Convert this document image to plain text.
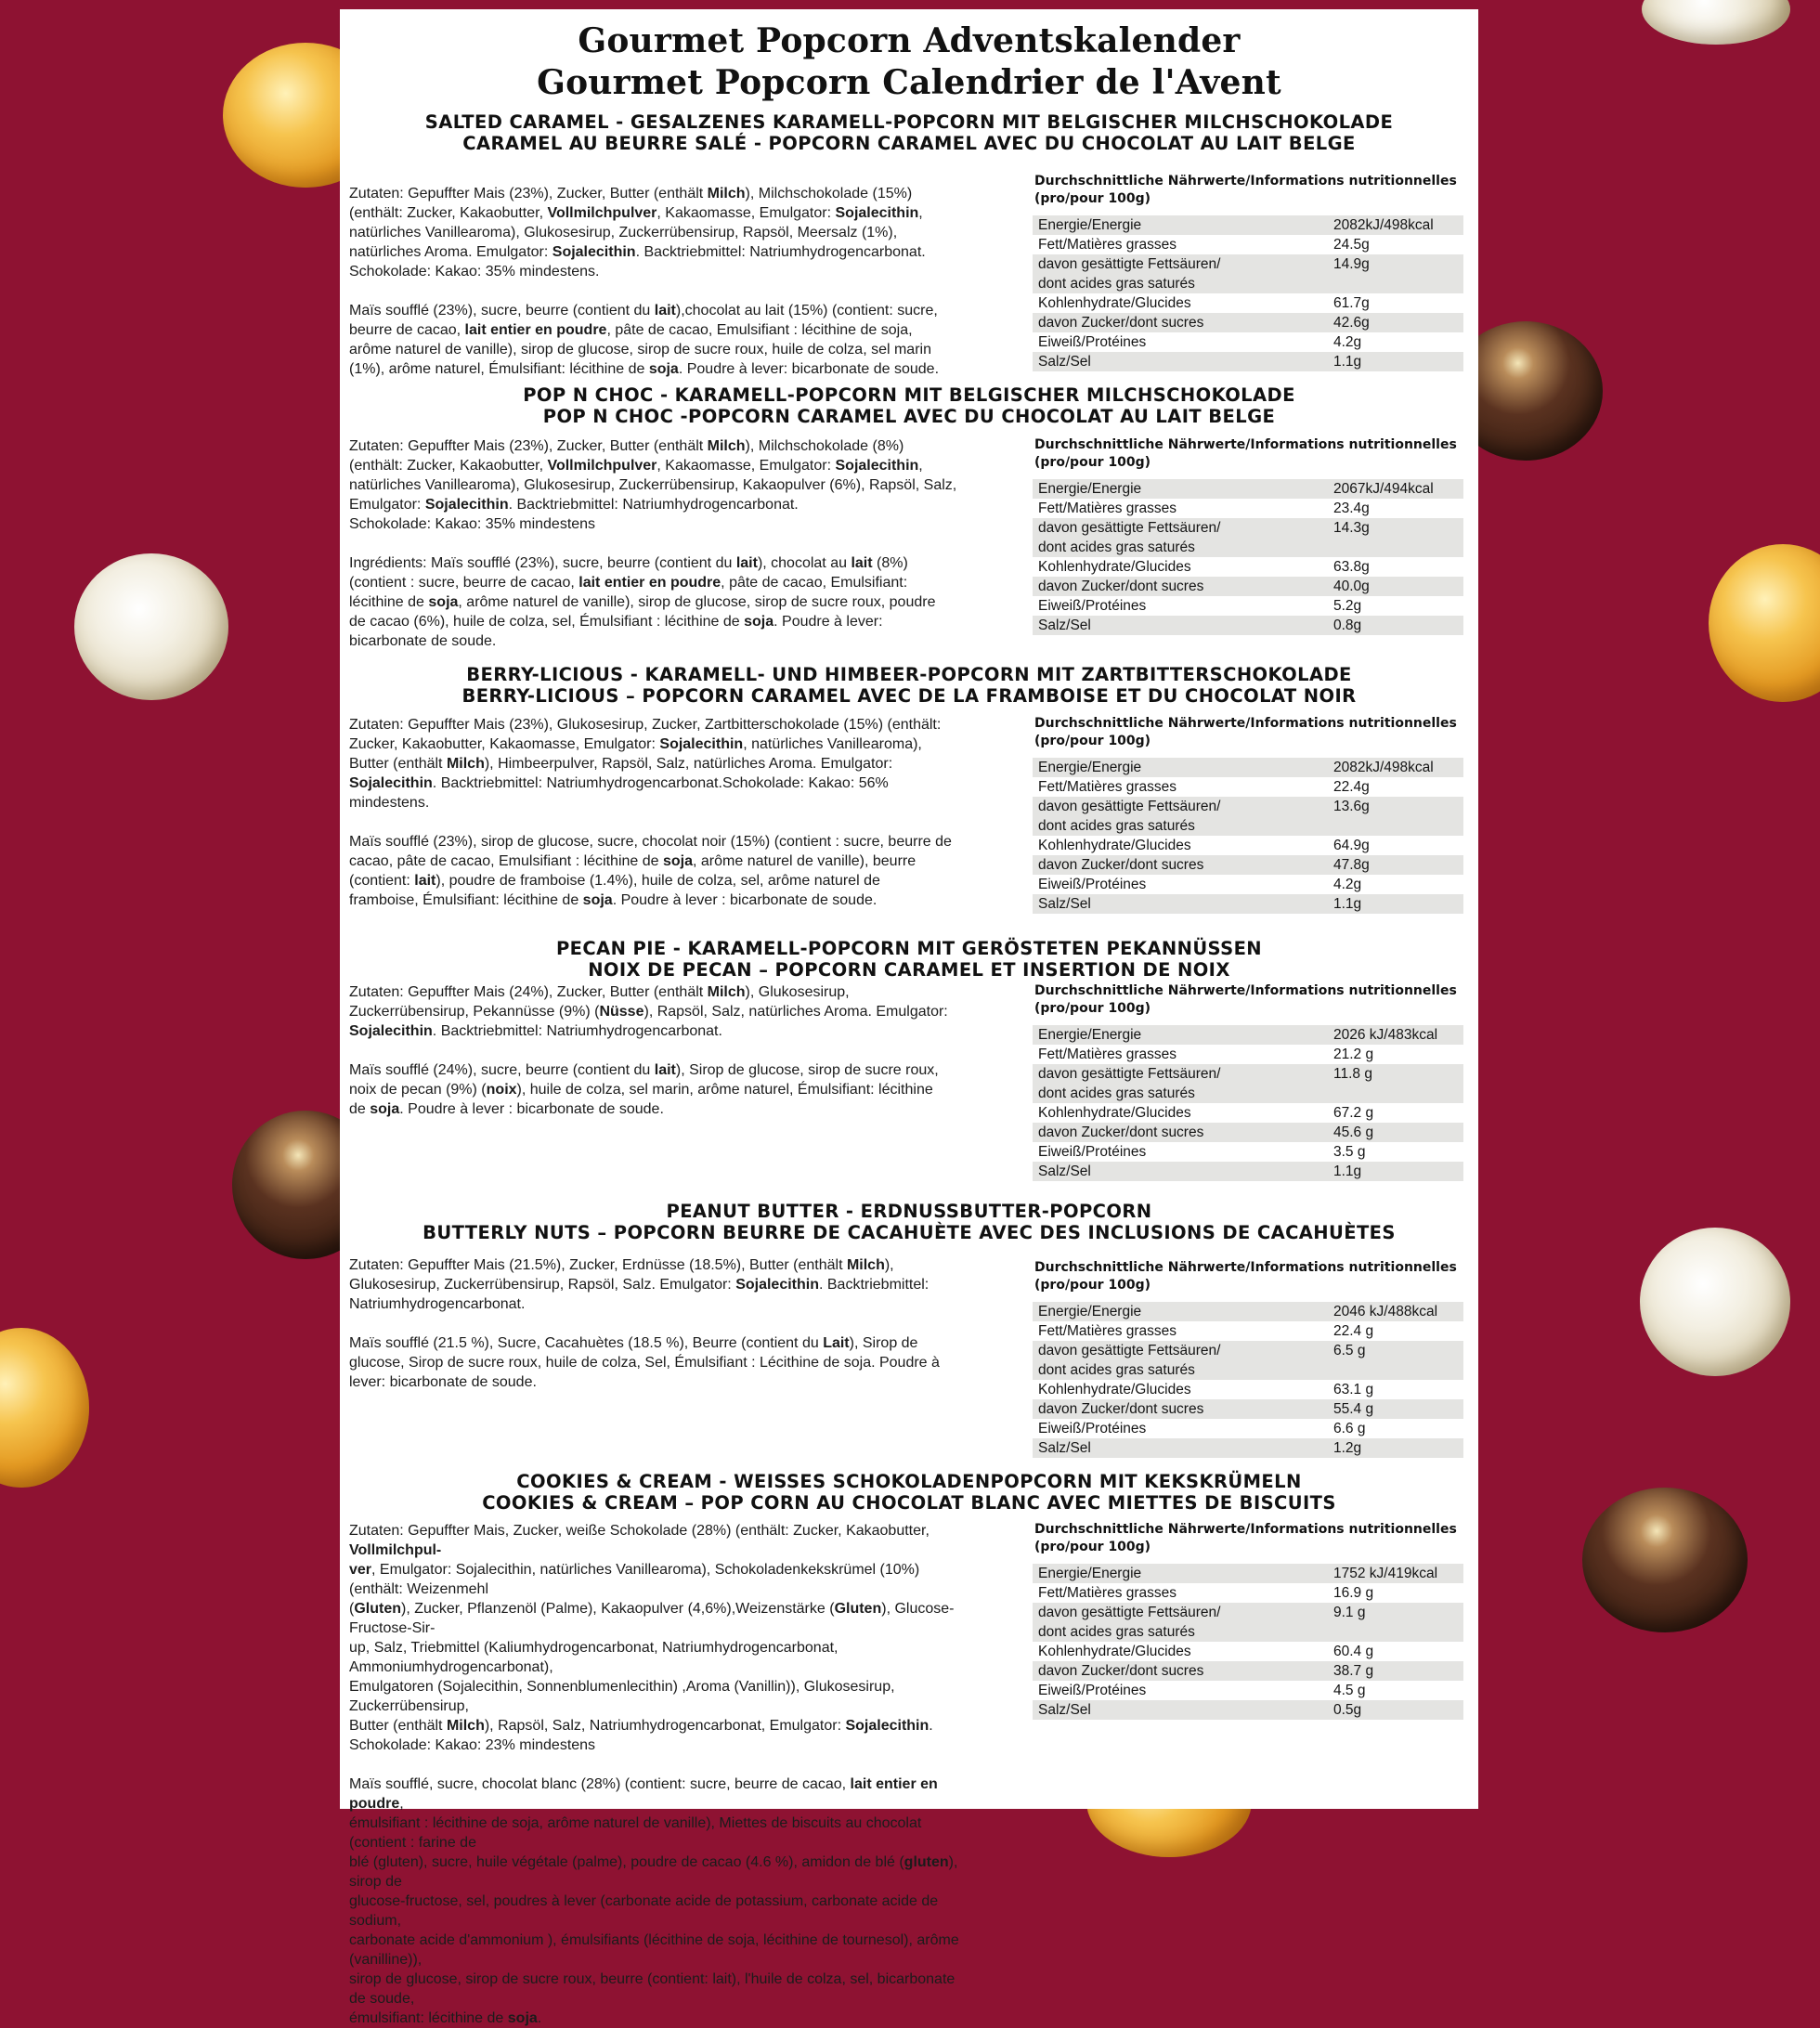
Gourmet Popcorn Adventskalender
Gourmet Popcorn Calendrier de l'Avent
SALTED CARAMEL - GESALZENES KARAMELL-POPCORN MIT BELGISCHER MILCHSCHOKOLADE
CARAMEL AU BEURRE SALÉ - POPCORN CARAMEL AVEC DU CHOCOLAT AU LAIT BELGE

Zutaten: Gepuffter Mais (23%), Zucker, Butter (enthält Milch), Milchschokolade (15%)
(enthält: Zucker, Kakaobutter, Vollmilchpulver, Kakaomasse, Emulgator: Sojalecithin,
natürliches Vanillearoma), Glukosesirup, Zuckerrübensirup, Rapsöl, Meersalz (1%),
natürliches Aroma. Emulgator: Sojalecithin. Backtriebmittel: Natriumhydrogencarbonat.
Schokolade: Kakao: 35% mindestens.

Maïs soufflé (23%), sucre, beurre (contient du lait),chocolat au lait (15%) (contient: sucre,
beurre de cacao, lait entier en poudre, pâte de cacao, Emulsifiant : lécithine de soja,
arôme naturel de vanille), sirop de glucose, sirop de sucre roux, huile de colza, sel marin
(1%), arôme naturel, Émulsifiant: lécithine de soja. Poudre à lever: bicarbonate de soude.

Durchschnittliche Nährwerte/Informations nutritionnelles
(pro/pour 100g)
Energie/Energie	2082kJ/498kcal
Fett/Matières grasses	24.5g
davon gesättigte Fettsäuren/
dont acides gras saturés	14.9g
Kohlenhydrate/Glucides	61.7g
davon Zucker/dont sucres	42.6g
Eiweiß/Protéines	4.2g
Salz/Sel	1.1g
POP N CHOC - KARAMELL-POPCORN MIT BELGISCHER MILCHSCHOKOLADE
POP N CHOC -POPCORN CARAMEL AVEC DU CHOCOLAT AU LAIT BELGE

Zutaten: Gepuffter Mais (23%), Zucker, Butter (enthält Milch), Milchschokolade (8%)
(enthält: Zucker, Kakaobutter, Vollmilchpulver, Kakaomasse, Emulgator: Sojalecithin,
natürliches Vanillearoma), Glukosesirup, Zuckerrübensirup, Kakaopulver (6%), Rapsöl, Salz,
Emulgator: Sojalecithin. Backtriebmittel: Natriumhydrogencarbonat.
Schokolade: Kakao: 35% mindestens

Ingrédients: Maïs soufflé (23%), sucre, beurre (contient du lait), chocolat au lait (8%)
(contient : sucre, beurre de cacao, lait entier en poudre, pâte de cacao, Emulsifiant:
lécithine de soja, arôme naturel de vanille), sirop de glucose, sirop de sucre roux, poudre
de cacao (6%), huile de colza, sel, Émulsifiant : lécithine de soja. Poudre à lever:
bicarbonate de soude.

Durchschnittliche Nährwerte/Informations nutritionnelles
(pro/pour 100g)
Energie/Energie	2067kJ/494kcal
Fett/Matières grasses	23.4g
davon gesättigte Fettsäuren/
dont acides gras saturés	14.3g
Kohlenhydrate/Glucides	63.8g
davon Zucker/dont sucres	40.0g
Eiweiß/Protéines	5.2g
Salz/Sel	0.8g
BERRY-LICIOUS - KARAMELL- UND HIMBEER-POPCORN MIT ZARTBITTERSCHOKOLADE
BERRY-LICIOUS – POPCORN CARAMEL AVEC DE LA FRAMBOISE ET DU CHOCOLAT NOIR

Zutaten: Gepuffter Mais (23%), Glukosesirup, Zucker, Zartbitterschokolade (15%) (enthält:
Zucker, Kakaobutter, Kakaomasse, Emulgator: Sojalecithin, natürliches Vanillearoma),
Butter (enthält Milch), Himbeerpulver, Rapsöl, Salz, natürliches Aroma. Emulgator:
Sojalecithin. Backtriebmittel: Natriumhydrogencarbonat.Schokolade: Kakao: 56%
mindestens.

Maïs soufflé (23%), sirop de glucose, sucre, chocolat noir (15%) (contient : sucre, beurre de
cacao, pâte de cacao, Emulsifiant : lécithine de soja, arôme naturel de vanille), beurre
(contient: lait), poudre de framboise (1.4%), huile de colza, sel, arôme naturel de
framboise, Émulsifiant: lécithine de soja. Poudre à lever : bicarbonate de soude.

Durchschnittliche Nährwerte/Informations nutritionnelles
(pro/pour 100g)
Energie/Energie	2082kJ/498kcal
Fett/Matières grasses	22.4g
davon gesättigte Fettsäuren/
dont acides gras saturés	13.6g
Kohlenhydrate/Glucides	64.9g
davon Zucker/dont sucres	47.8g
Eiweiß/Protéines	4.2g
Salz/Sel	1.1g
PECAN PIE - KARAMELL-POPCORN MIT GERÖSTETEN PEKANNÜSSEN
NOIX DE PECAN – POPCORN CARAMEL ET INSERTION DE NOIX

Zutaten: Gepuffter Mais (24%), Zucker, Butter (enthält Milch), Glukosesirup,
Zuckerrübensirup, Pekannüsse (9%) (Nüsse), Rapsöl, Salz, natürliches Aroma. Emulgator:
Sojalecithin. Backtriebmittel: Natriumhydrogencarbonat.

Maïs soufflé (24%), sucre, beurre (contient du lait), Sirop de glucose, sirop de sucre roux,
noix de pecan (9%) (noix), huile de colza, sel marin, arôme naturel, Émulsifiant: lécithine
de soja. Poudre à lever : bicarbonate de soude.

Durchschnittliche Nährwerte/Informations nutritionnelles
(pro/pour 100g)
Energie/Energie	2026 kJ/483kcal
Fett/Matières grasses	21.2 g
davon gesättigte Fettsäuren/
dont acides gras saturés	11.8 g
Kohlenhydrate/Glucides	67.2 g
davon Zucker/dont sucres	45.6 g
Eiweiß/Protéines	3.5 g
Salz/Sel	1.1g
PEANUT BUTTER - ERDNUSSBUTTER-POPCORN
BUTTERLY NUTS – POPCORN BEURRE DE CACAHUÈTE AVEC DES INCLUSIONS DE CACAHUÈTES

Zutaten: Gepuffter Mais (21.5%), Zucker, Erdnüsse (18.5%), Butter (enthält Milch),
Glukosesirup, Zuckerrübensirup, Rapsöl, Salz. Emulgator: Sojalecithin. Backtriebmittel:
Natriumhydrogencarbonat.

Maïs soufflé (21.5 %), Sucre, Cacahuètes (18.5 %), Beurre (contient du Lait), Sirop de
glucose, Sirop de sucre roux, huile de colza, Sel, Émulsifiant : Lécithine de soja. Poudre à
lever: bicarbonate de soude.

Durchschnittliche Nährwerte/Informations nutritionnelles
(pro/pour 100g)
Energie/Energie	2046 kJ/488kcal
Fett/Matières grasses	22.4 g
davon gesättigte Fettsäuren/
dont acides gras saturés	6.5 g
Kohlenhydrate/Glucides	63.1 g
davon Zucker/dont sucres	55.4 g
Eiweiß/Protéines	6.6 g
Salz/Sel	1.2g
COOKIES & CREAM - WEISSES SCHOKOLADENPOPCORN MIT KEKSKRÜMELN
COOKIES & CREAM – POP CORN AU CHOCOLAT BLANC AVEC MIETTES DE BISCUITS

Zutaten: Gepuffter Mais, Zucker, weiße Schokolade (28%) (enthält: Zucker, Kakaobutter, Vollmilchpul-
ver, Emulgator: Sojalecithin, natürliches Vanillearoma), Schokoladenkekskrümel (10%) (enthält: Weizenmehl
(Gluten), Zucker, Pflanzenöl (Palme), Kakaopulver (4,6%),Weizenstärke (Gluten), Glucose-Fructose-Sir-
up, Salz, Triebmittel (Kaliumhydrogencarbonat, Natriumhydrogencarbonat, Ammoniumhydrogencarbonat),
Emulgatoren (Sojalecithin, Sonnenblumenlecithin) ,Aroma (Vanillin)), Glukosesirup, Zuckerrübensirup,
Butter (enthält Milch), Rapsöl, Salz, Natriumhydrogencarbonat, Emulgator: Sojalecithin.
Schokolade: Kakao: 23% mindestens

Maïs soufflé, sucre, chocolat blanc (28%) (contient: sucre, beurre de cacao, lait entier en poudre,
émulsifiant : lécithine de soja, arôme naturel de vanille), Miettes de biscuits au chocolat (contient : farine de
blé (gluten), sucre, huile végétale (palme), poudre de cacao (4.6 %), amidon de blé (gluten), sirop de
glucose-fructose, sel, poudres à lever (carbonate acide de potassium, carbonate acide de sodium,
carbonate acide d'ammonium ), émulsifiants (lécithine de soja, lécithine de tournesol), arôme (vanilline)),
sirop de glucose, sirop de sucre roux, beurre (contient: lait), l'huile de colza, sel, bicarbonate de soude,
émulsifiant: lécithine de soja.

Durchschnittliche Nährwerte/Informations nutritionnelles
(pro/pour 100g)
Energie/Energie	1752 kJ/419kcal
Fett/Matières grasses	16.9 g
davon gesättigte Fettsäuren/
dont acides gras saturés	9.1 g
Kohlenhydrate/Glucides	60.4 g
davon Zucker/dont sucres	38.7 g
Eiweiß/Protéines	4.5 g
Salz/Sel	0.5g
